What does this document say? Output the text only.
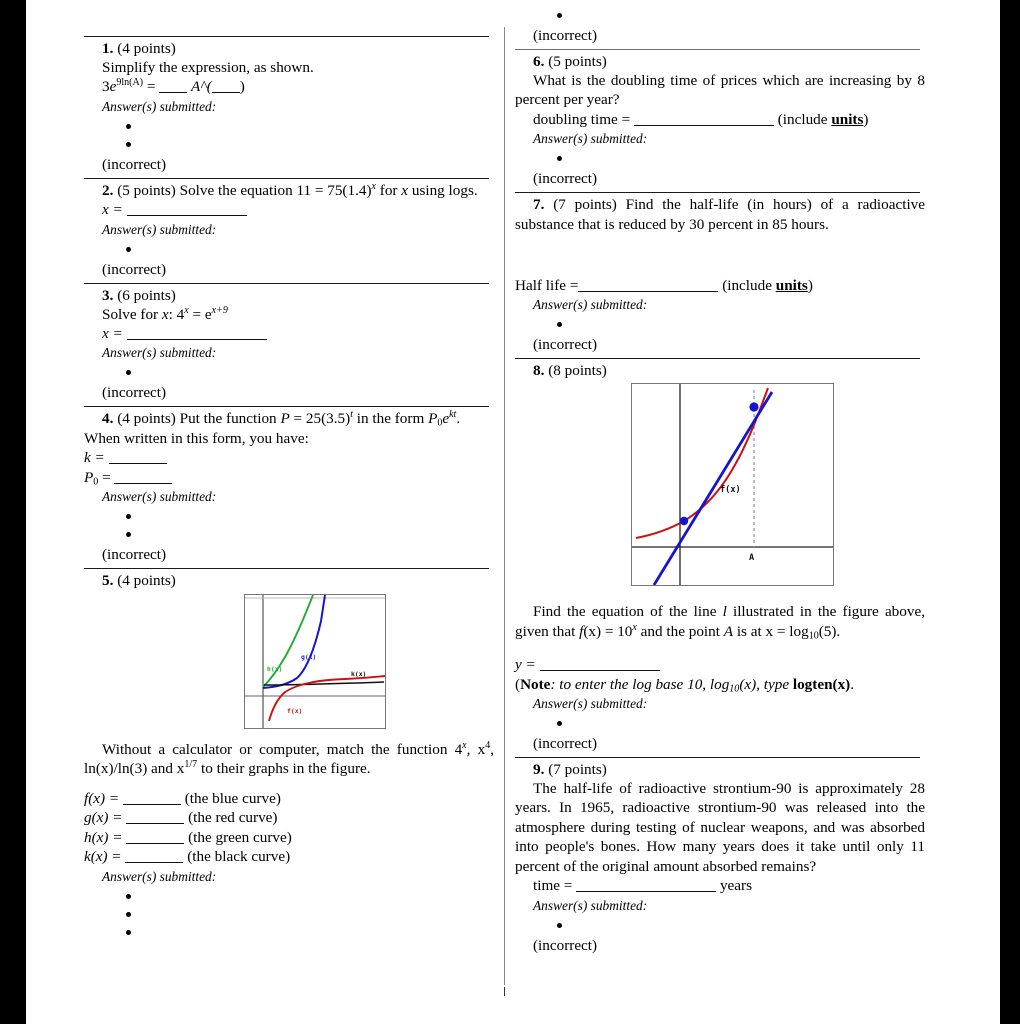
1. (4 points)
Simplify the expression, as shown.
$3e^{9ln(A)}$ = A^( )
Answer(s) submitted:
(incorrect)
2. (5 points) Solve the equation $11 = 75(1.4)^x$ for x using logs.
x =
Answer(s) submitted:
(incorrect)
3. (6 points)
Solve for x: $4^x = e^{x+9}$
x =
Answer(s) submitted:
(incorrect)
4. (4 points) Put the function $P = 25(3.5)^t$ in the form $P_0e^{kt}$.
When written in this form, you have:
k =
$P_0$ =
Answer(s) submitted:
(incorrect)
5. (4 points)
g(x)
h(x)
k(x)
f(x)
Without a calculator or computer, match the function 4$^x$, $x^4$, ln(x)/ln(3) and $x^{1/7}$ to their graphs in the figure.
f(x) =	(the blue curve)
g(x) =	(the red curve)
h(x) =	(the green curve)
k(x) =	(the black curve)
Answer(s) submitted:
(incorrect)
6. (5 points)
What is the doubling time of prices which are increasing by 8 percent per year?
doubling time =	(include units)
Answer(s) submitted:
(incorrect)
7. (7 points) Find the half-life (in hours) of a radioactive substance that is reduced by 30 percent in 85 hours.
Half life =	(include units)
Answer(s) submitted:
(incorrect)
8. (8 points)
f(x)
A
Find the equation of the line l illustrated in the figure above, given that $f(x) = 10^x$ and the point A is at $x = \log_{10}(5)$.
y =
(Note: to enter the log base 10, $\log_{10}(x)$, type logten(x).
Answer(s) submitted:
(incorrect)
9. (7 points)
The half-life of radioactive strontium-90 is approximately 28 years. In 1965, radioactive strontium-90 was released into the atmosphere during testing of nuclear weapons, and was absorbed into people's bones. How many years does it take until only 11 percent of the original amount absorbed remains?
time =	years
Answer(s) submitted:
(incorrect)
